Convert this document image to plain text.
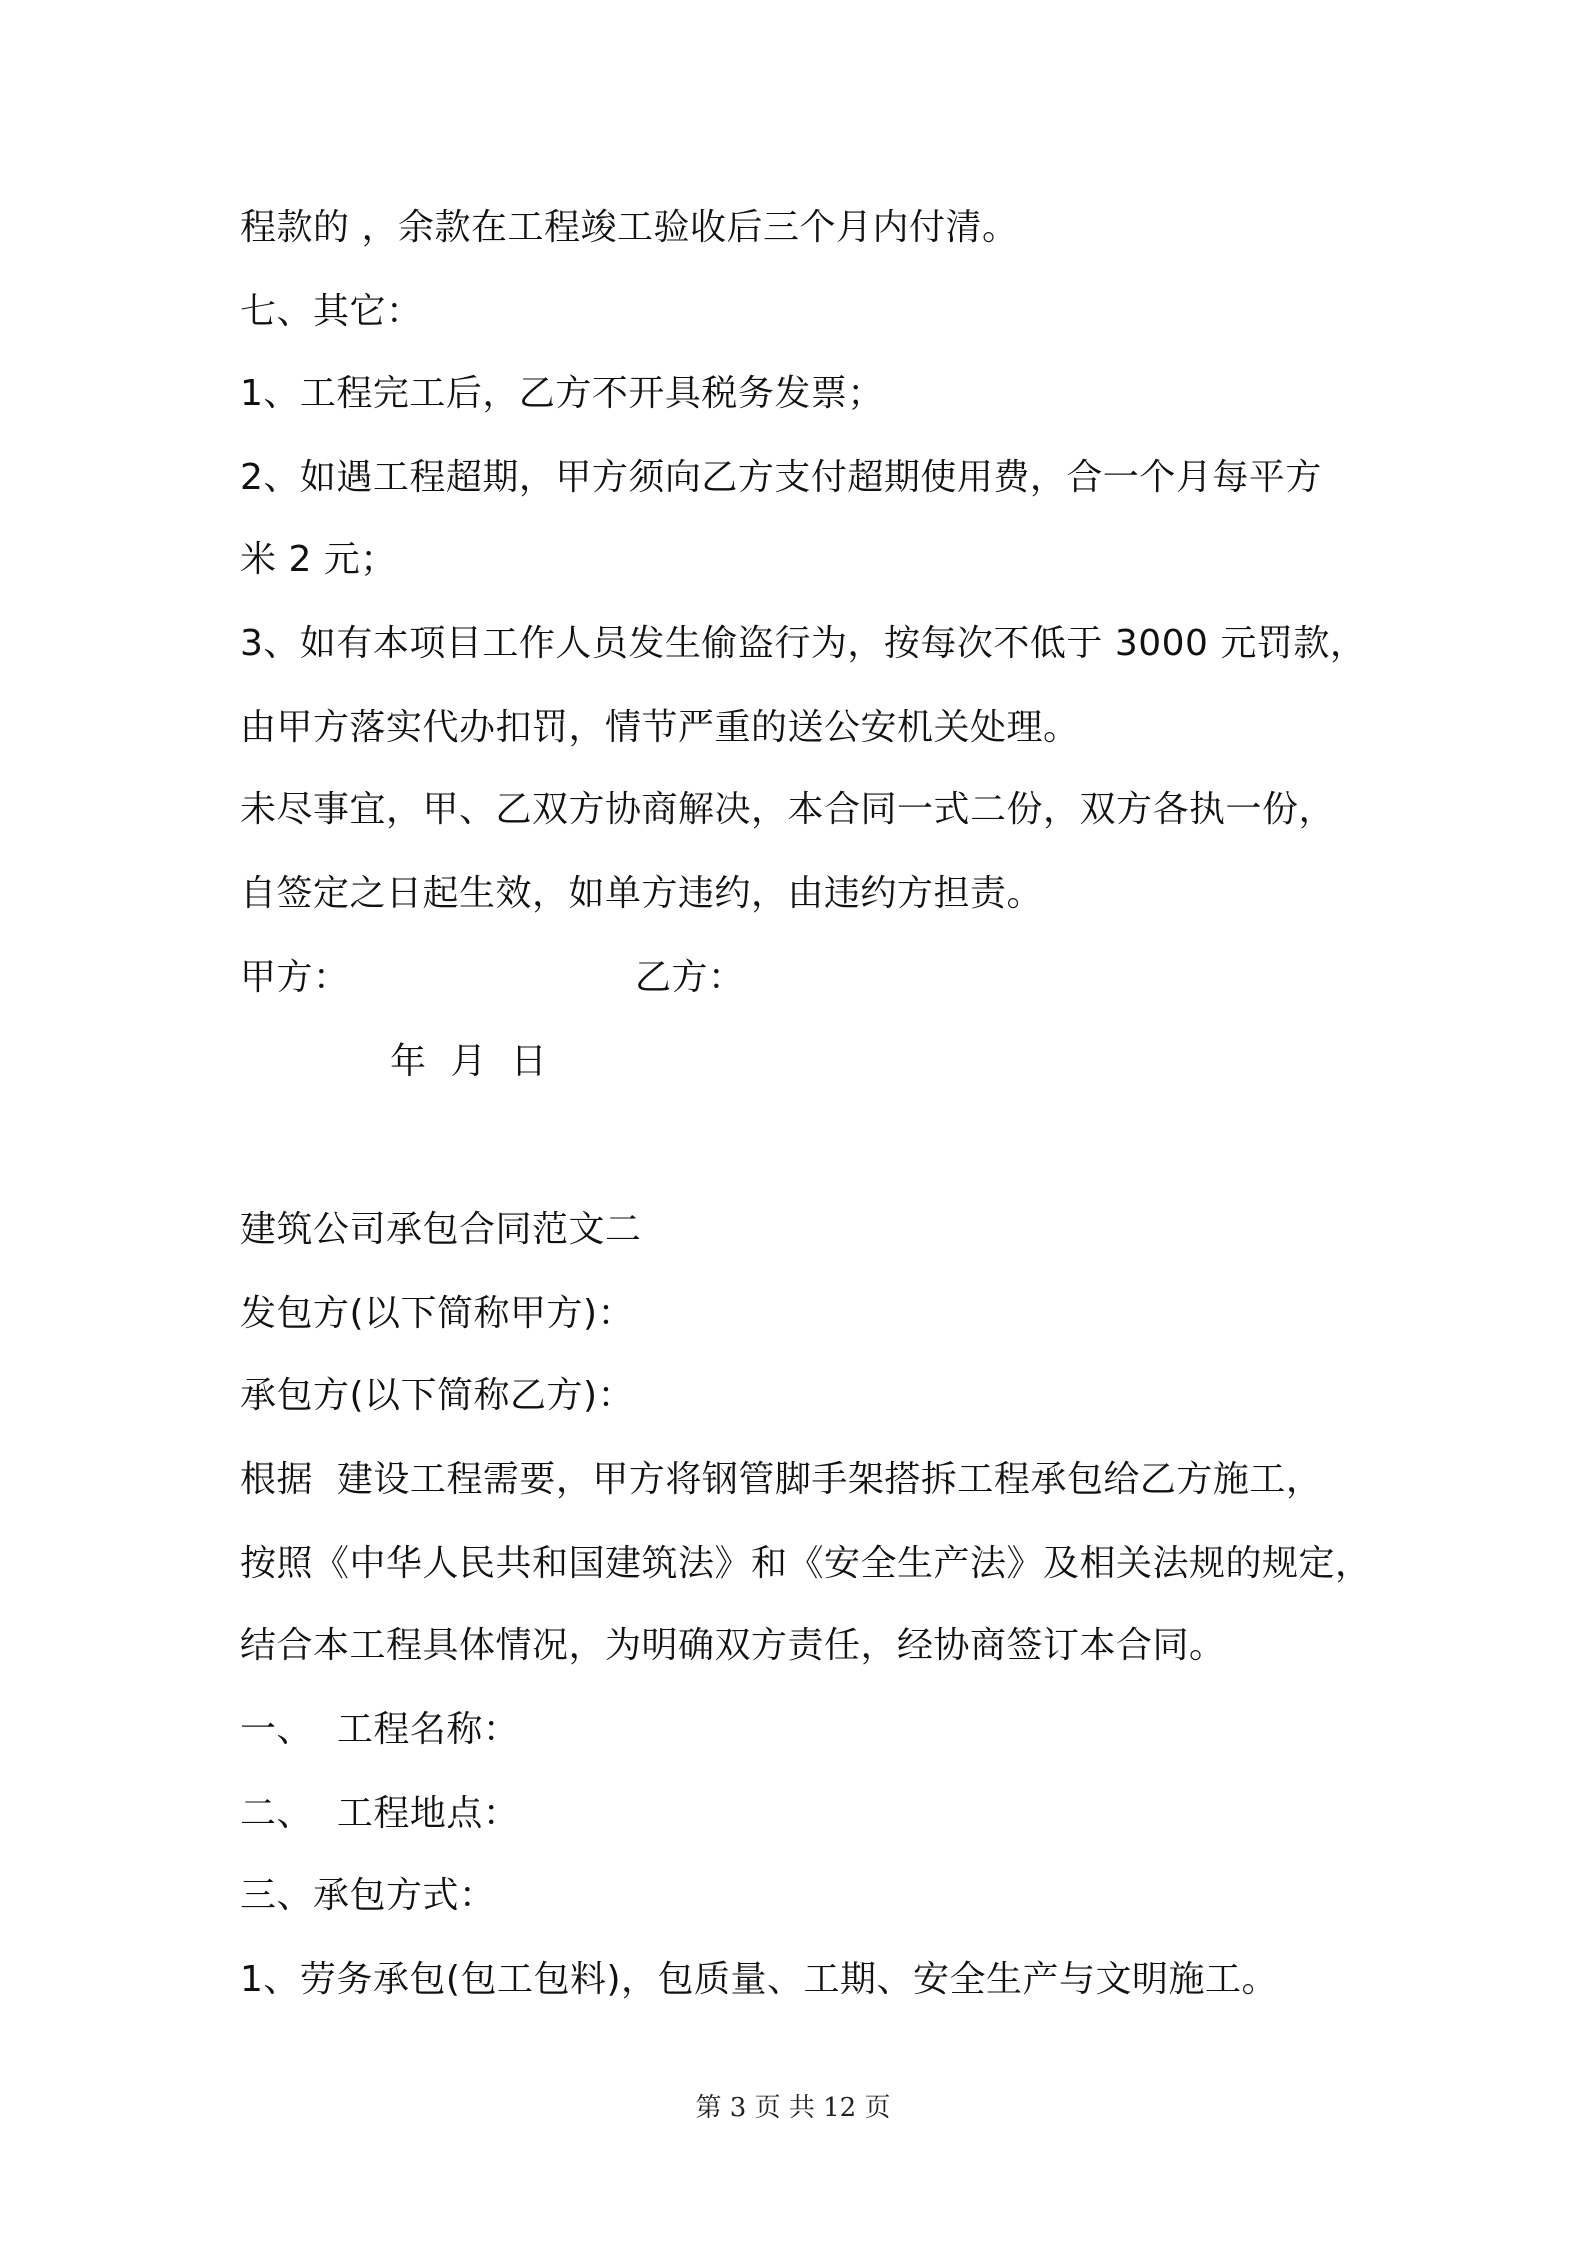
程款的 ，余款在工程竣工验收后三个月内付清。
七、其它：
1、工程完工后，乙方不开具税务发票；
2、如遇工程超期，甲方须向乙方支付超期使用费，合一个月每平方
米 2 元；
3、如有本项目工作人员发生偷盗行为，按每次不低于 3000 元罚款，
由甲方落实代办扣罚，情节严重的送公安机关处理。
未尽事宜，甲、乙双方协商解决，本合同一式二份，双方各执一份，
自签定之日起生效，如单方违约，由违约方担责。
甲方：	乙方：
年  月  日
建筑公司承包合同范文二
发包方(以下简称甲方)：
承包方(以下简称乙方)：
根据  建设工程需要，甲方将钢管脚手架搭拆工程承包给乙方施工，
按照《中华人民共和国建筑法》和《安全生产法》及相关法规的规定，
结合本工程具体情况，为明确双方责任，经协商签订本合同。
一、  工程名称：
二、  工程地点：
三、承包方式：
1、劳务承包(包工包料)，包质量、工期、安全生产与文明施工。
第 3 页 共 12 页
